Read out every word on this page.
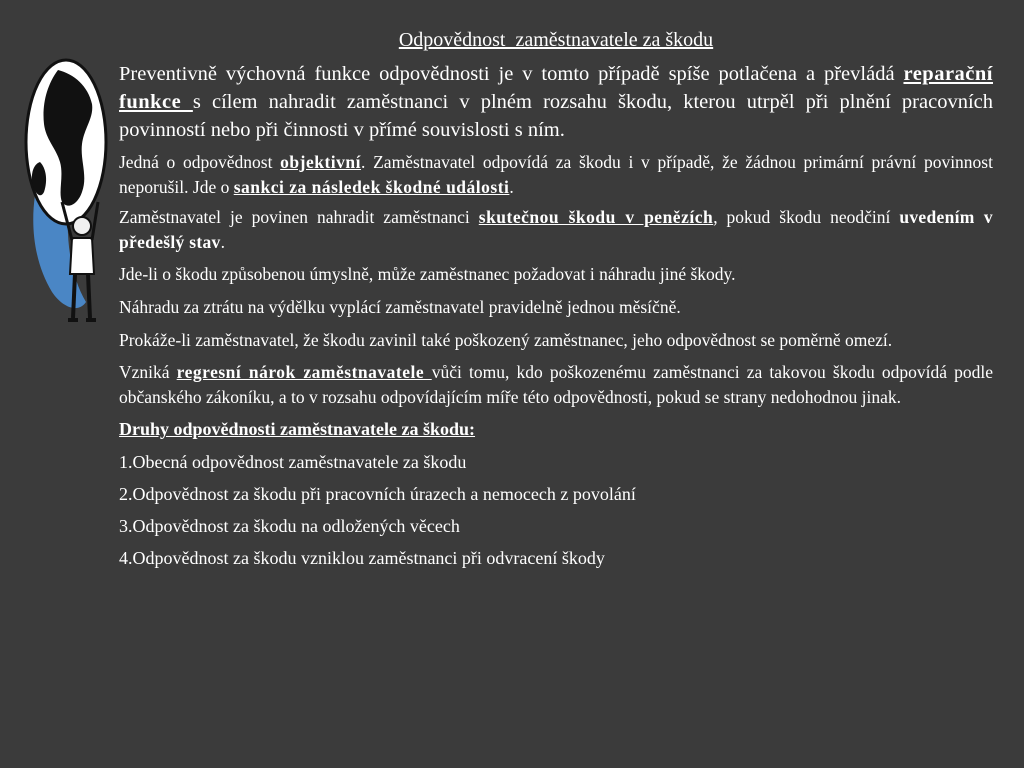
Odpovědnost  zaměstnavatele za škodu

Preventivně výchovná funkce odpovědnosti je v tomto případě spíše potlačena a převládá reparační funkce s cílem nahradit zaměstnanci v plném rozsahu škodu, kterou utrpěl při plnění pracovních povinností nebo při činnosti v přímé souvislosti s ním.

Jedná o odpovědnost objektivní. Zaměstnavatel odpovídá za škodu i v případě, že žádnou primární právní povinnost neporušil. Jde o sankci za následek škodné události.

Zaměstnavatel je povinen nahradit zaměstnanci skutečnou škodu v penězích, pokud škodu neodčiní uvedením v předešlý stav.

Jde-li o škodu způsobenou úmyslně, může zaměstnanec požadovat i náhradu jiné škody.

Náhradu za ztrátu na výdělku vyplácí zaměstnavatel pravidelně jednou měsíčně.

Prokáže-li zaměstnavatel, že škodu zavinil také poškozený zaměstnanec, jeho odpovědnost se poměrně omezí.

Vzniká regresní nárok zaměstnavatele vůči tomu, kdo poškozenému zaměstnanci za takovou škodu odpovídá podle občanského zákoníku, a to v rozsahu odpovídajícím míře této odpovědnosti, pokud se strany nedohodnou jinak.

Druhy odpovědnosti zaměstnavatele za škodu:
1.Obecná odpovědnost zaměstnavatele za škodu
2.Odpovědnost za škodu při pracovních úrazech a nemocech z povolání
3.Odpovědnost za škodu na odložených věcech
4.Odpovědnost za škodu vzniklou zaměstnanci při odvracení škody
